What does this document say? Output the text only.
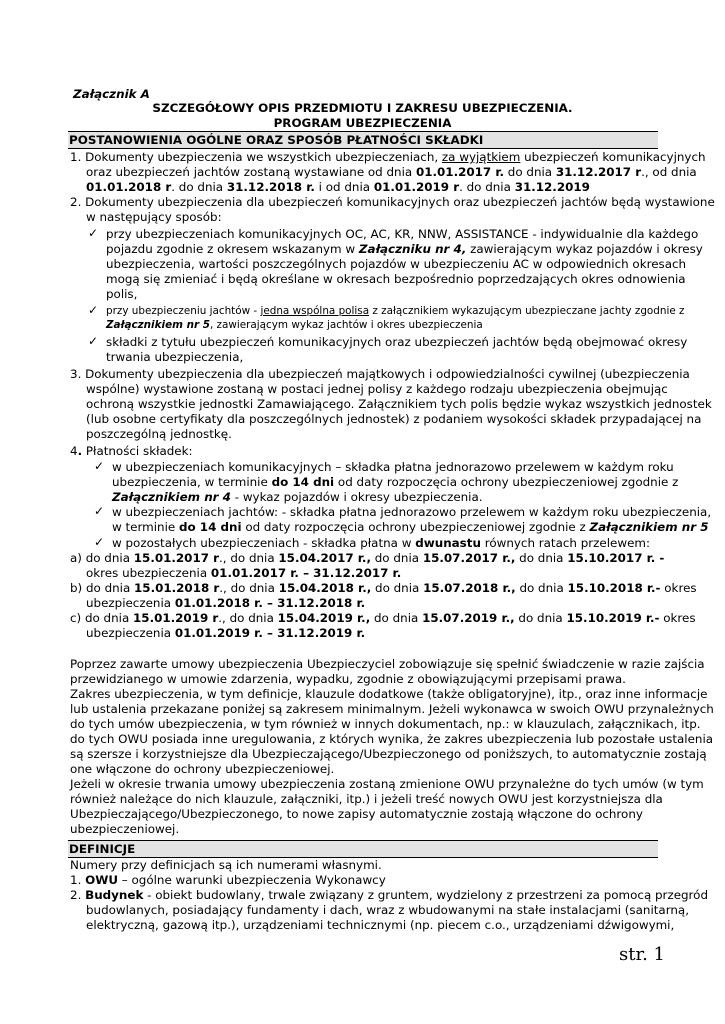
Załącznik A
SZCZEGÓŁOWY OPIS PRZEDMIOTU I ZAKRESU UBEZPIECZENIA.
PROGRAM UBEZPIECZENIA
POSTANOWIENIA OGÓLNE ORAZ SPOSÓB PŁATNOŚCI SKŁADKI
1. Dokumenty ubezpieczenia we wszystkich ubezpieczeniach, za wyjątkiem ubezpieczeń komunikacyjnych
oraz ubezpieczeń jachtów zostaną wystawiane od dnia 01.01.2017 r. do dnia 31.12.2017 r., od dnia
01.01.2018 r. do dnia 31.12.2018 r. i od dnia 01.01.2019 r. do dnia 31.12.2019
2. Dokumenty ubezpieczenia dla ubezpieczeń komunikacyjnych oraz ubezpieczeń jachtów będą wystawione
w następujący sposób:
✓ przy ubezpieczeniach komunikacyjnych OC, AC, KR, NNW, ASSISTANCE - indywidualnie dla każdego
pojazdu zgodnie z okresem wskazanym w Załączniku nr 4, zawierającym wykaz pojazdów i okresy
ubezpieczenia, wartości poszczególnych pojazdów w ubezpieczeniu AC w odpowiednich okresach
mogą się zmieniać i będą określane w okresach bezpośrednio poprzedzających okres odnowienia
polis,
✓ przy ubezpieczeniu jachtów - jedna wspólna polisa z załącznikiem wykazującym ubezpieczane jachty zgodnie z
Załącznikiem nr 5, zawierającym wykaz jachtów i okres ubezpieczenia
✓ składki z tytułu ubezpieczeń komunikacyjnych oraz ubezpieczeń jachtów będą obejmować okresy
trwania ubezpieczenia,
3. Dokumenty ubezpieczenia dla ubezpieczeń majątkowych i odpowiedzialności cywilnej (ubezpieczenia
wspólne) wystawione zostaną w postaci jednej polisy z każdego rodzaju ubezpieczenia obejmując
ochroną wszystkie jednostki Zamawiającego. Załącznikiem tych polis będzie wykaz wszystkich jednostek
(lub osobne certyfikaty dla poszczególnych jednostek) z podaniem wysokości składek przypadającej na
poszczególną jednostkę.
4. Płatności składek:
✓ w ubezpieczeniach komunikacyjnych – składka płatna jednorazowo przelewem w każdym roku
ubezpieczenia, w terminie do 14 dni od daty rozpoczęcia ochrony ubezpieczeniowej zgodnie z
Załącznikiem nr 4 - wykaz pojazdów i okresy ubezpieczenia.
✓ w ubezpieczeniach jachtów: - składka płatna jednorazowo przelewem w każdym roku ubezpieczenia,
w terminie do 14 dni od daty rozpoczęcia ochrony ubezpieczeniowej zgodnie z Załącznikiem nr 5
✓ w pozostałych ubezpieczeniach - składka płatna w dwunastu równych ratach przelewem:
a) do dnia 15.01.2017 r., do dnia 15.04.2017 r., do dnia 15.07.2017 r., do dnia 15.10.2017 r. -
okres ubezpieczenia 01.01.2017 r. – 31.12.2017 r.
b) do dnia 15.01.2018 r., do dnia 15.04.2018 r., do dnia 15.07.2018 r., do dnia 15.10.2018 r.- okres
ubezpieczenia 01.01.2018 r. – 31.12.2018 r.
c) do dnia 15.01.2019 r., do dnia 15.04.2019 r., do dnia 15.07.2019 r., do dnia 15.10.2019 r.- okres
ubezpieczenia 01.01.2019 r. – 31.12.2019 r.
Poprzez zawarte umowy ubezpieczenia Ubezpieczyciel zobowiązuje się spełnić świadczenie w razie zajścia
przewidzianego w umowie zdarzenia, wypadku, zgodnie z obowiązującymi przepisami prawa.
Zakres ubezpieczenia, w tym definicje, klauzule dodatkowe (także obligatoryjne), itp., oraz inne informacje
lub ustalenia przekazane poniżej są zakresem minimalnym. Jeżeli wykonawca w swoich OWU przynależnych
do tych umów ubezpieczenia, w tym również w innych dokumentach, np.: w klauzulach, załącznikach, itp.
do tych OWU posiada inne uregulowania, z których wynika, że zakres ubezpieczenia lub pozostałe ustalenia
są szersze i korzystniejsze dla Ubezpieczającego/Ubezpieczonego od poniższych, to automatycznie zostają
one włączone do ochrony ubezpieczeniowej.
Jeżeli w okresie trwania umowy ubezpieczenia zostaną zmienione OWU przynależne do tych umów (w tym
również należące do nich klauzule, załączniki, itp.) i jeżeli treść nowych OWU jest korzystniejsza dla
Ubezpieczającego/Ubezpieczonego, to nowe zapisy automatycznie zostają włączone do ochrony
ubezpieczeniowej.
DEFINICJE
Numery przy definicjach są ich numerami własnymi.
1. OWU – ogólne warunki ubezpieczenia Wykonawcy
2. Budynek - obiekt budowlany, trwale związany z gruntem, wydzielony z przestrzeni za pomocą przegród
budowlanych, posiadający fundamenty i dach, wraz z wbudowanymi na stałe instalacjami (sanitarną,
elektryczną, gazową itp.), urządzeniami technicznymi (np. piecem c.o., urządzeniami dźwigowymi,
str. 1
